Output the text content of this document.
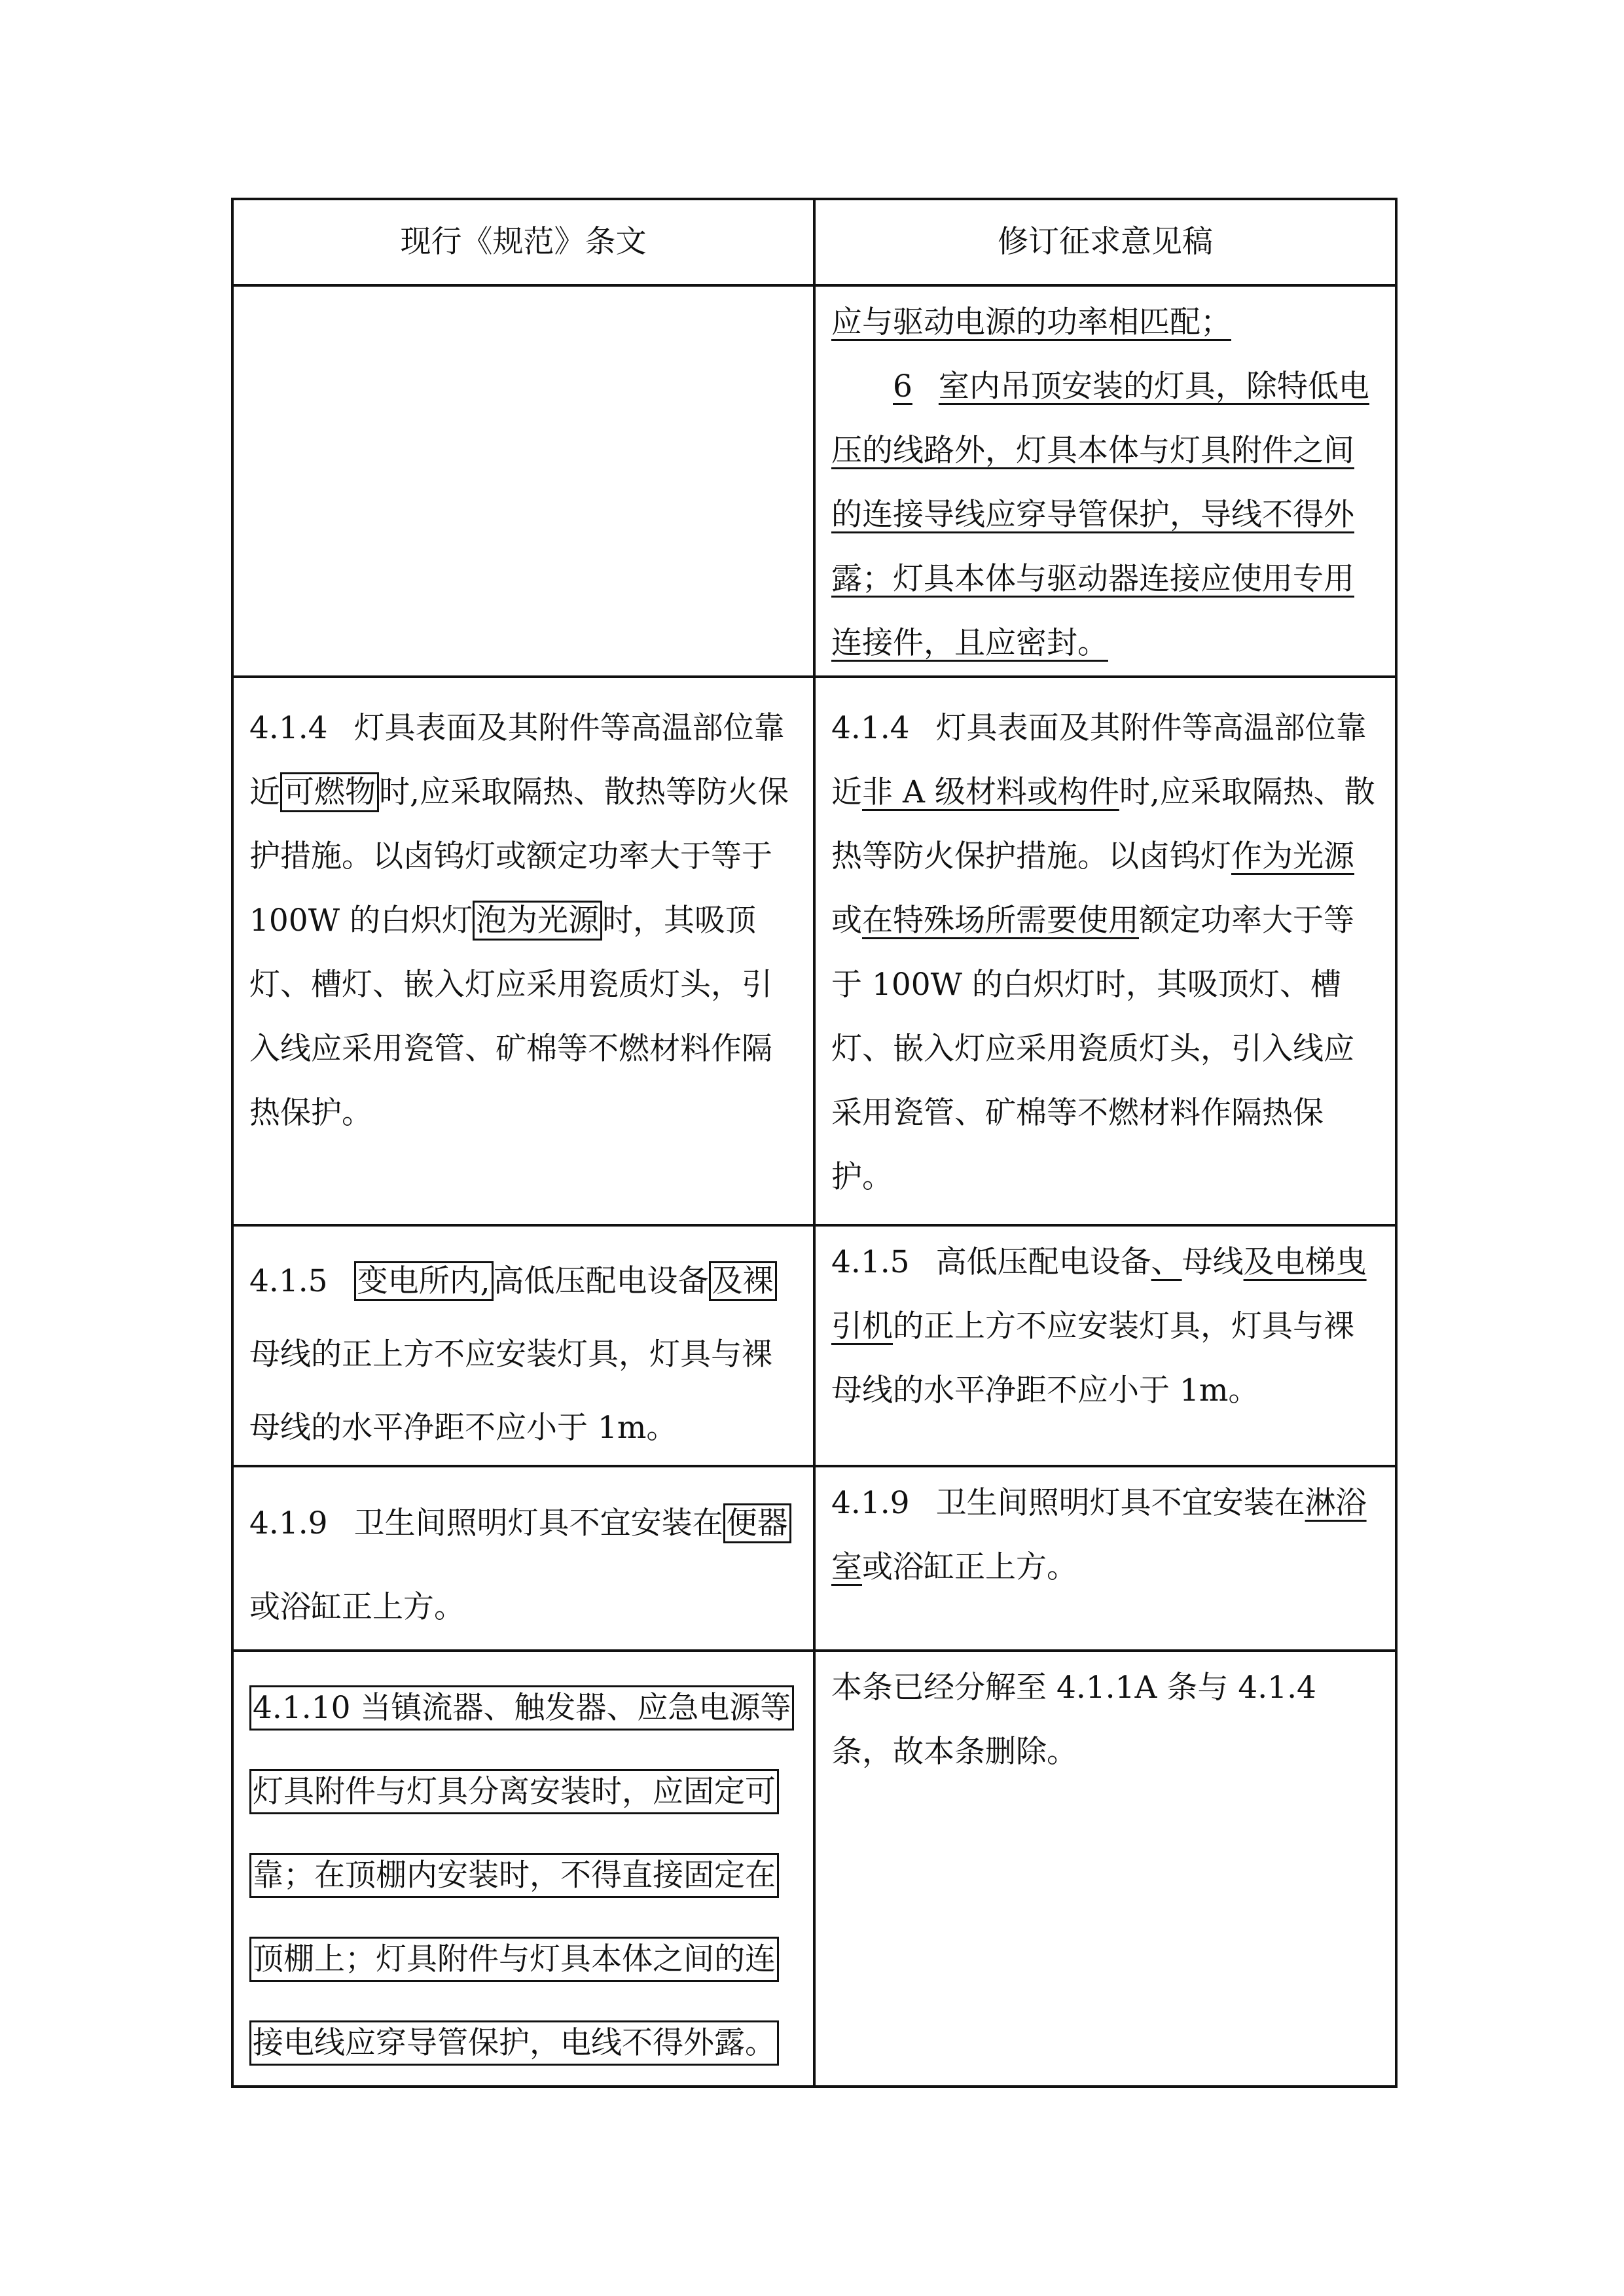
现行《规范》条文	修订征求意见稿
	应与驱动电源的功率相匹配；
6 室内吊顶安装的灯具，除特低电压的线路外，灯具本体与灯具附件之间的连接导线应穿导管保护，导线不得外露；灯具本体与驱动器连接应使用专用连接件，且应密封。
4.1.4 灯具表面及其附件等高温部位靠近 可燃物 时,应采取隔热、散热等防火保护措施。以卤钨灯或额定功率大于等于 100W 的白炽灯 泡为光源 时，其吸顶灯、槽灯、嵌入灯应采用瓷质灯头，引入线应采用瓷管、矿棉等不燃材料作隔热保护。	4.1.4 灯具表面及其附件等高温部位靠近非 A 级材料或构件时,应采取隔热、散热等防火保护措施。以卤钨灯作为光源或在特殊场所需要使用额定功率大于等于 100W 的白炽灯时，其吸顶灯、槽灯、嵌入灯应采用瓷质灯头，引入线应采用瓷管、矿棉等不燃材料作隔热保护。
4.1.5 变电所内, 高低压配电设备 及裸母线的正上方不应安装灯具，灯具与裸母线的水平净距不应小于 1m。	4.1.5 高低压配电设备、母线及电梯曳引机的正上方不应安装灯具，灯具与裸母线的水平净距不应小于 1m。
4.1.9 卫生间照明灯具不宜安装在 便器或浴缸正上方。	4.1.9 卫生间照明灯具不宜安装在淋浴室或浴缸正上方。
4.1.10 当镇流器、触发器、应急电源等灯具附件与灯具分离安装时，应固定可靠；在顶棚内安装时，不得直接固定在顶棚上；灯具附件与灯具本体之间的连接电线应穿导管保护，电线不得外露。	本条已经分解至 4.1.1A 条与 4.1.4 条，故本条删除。
